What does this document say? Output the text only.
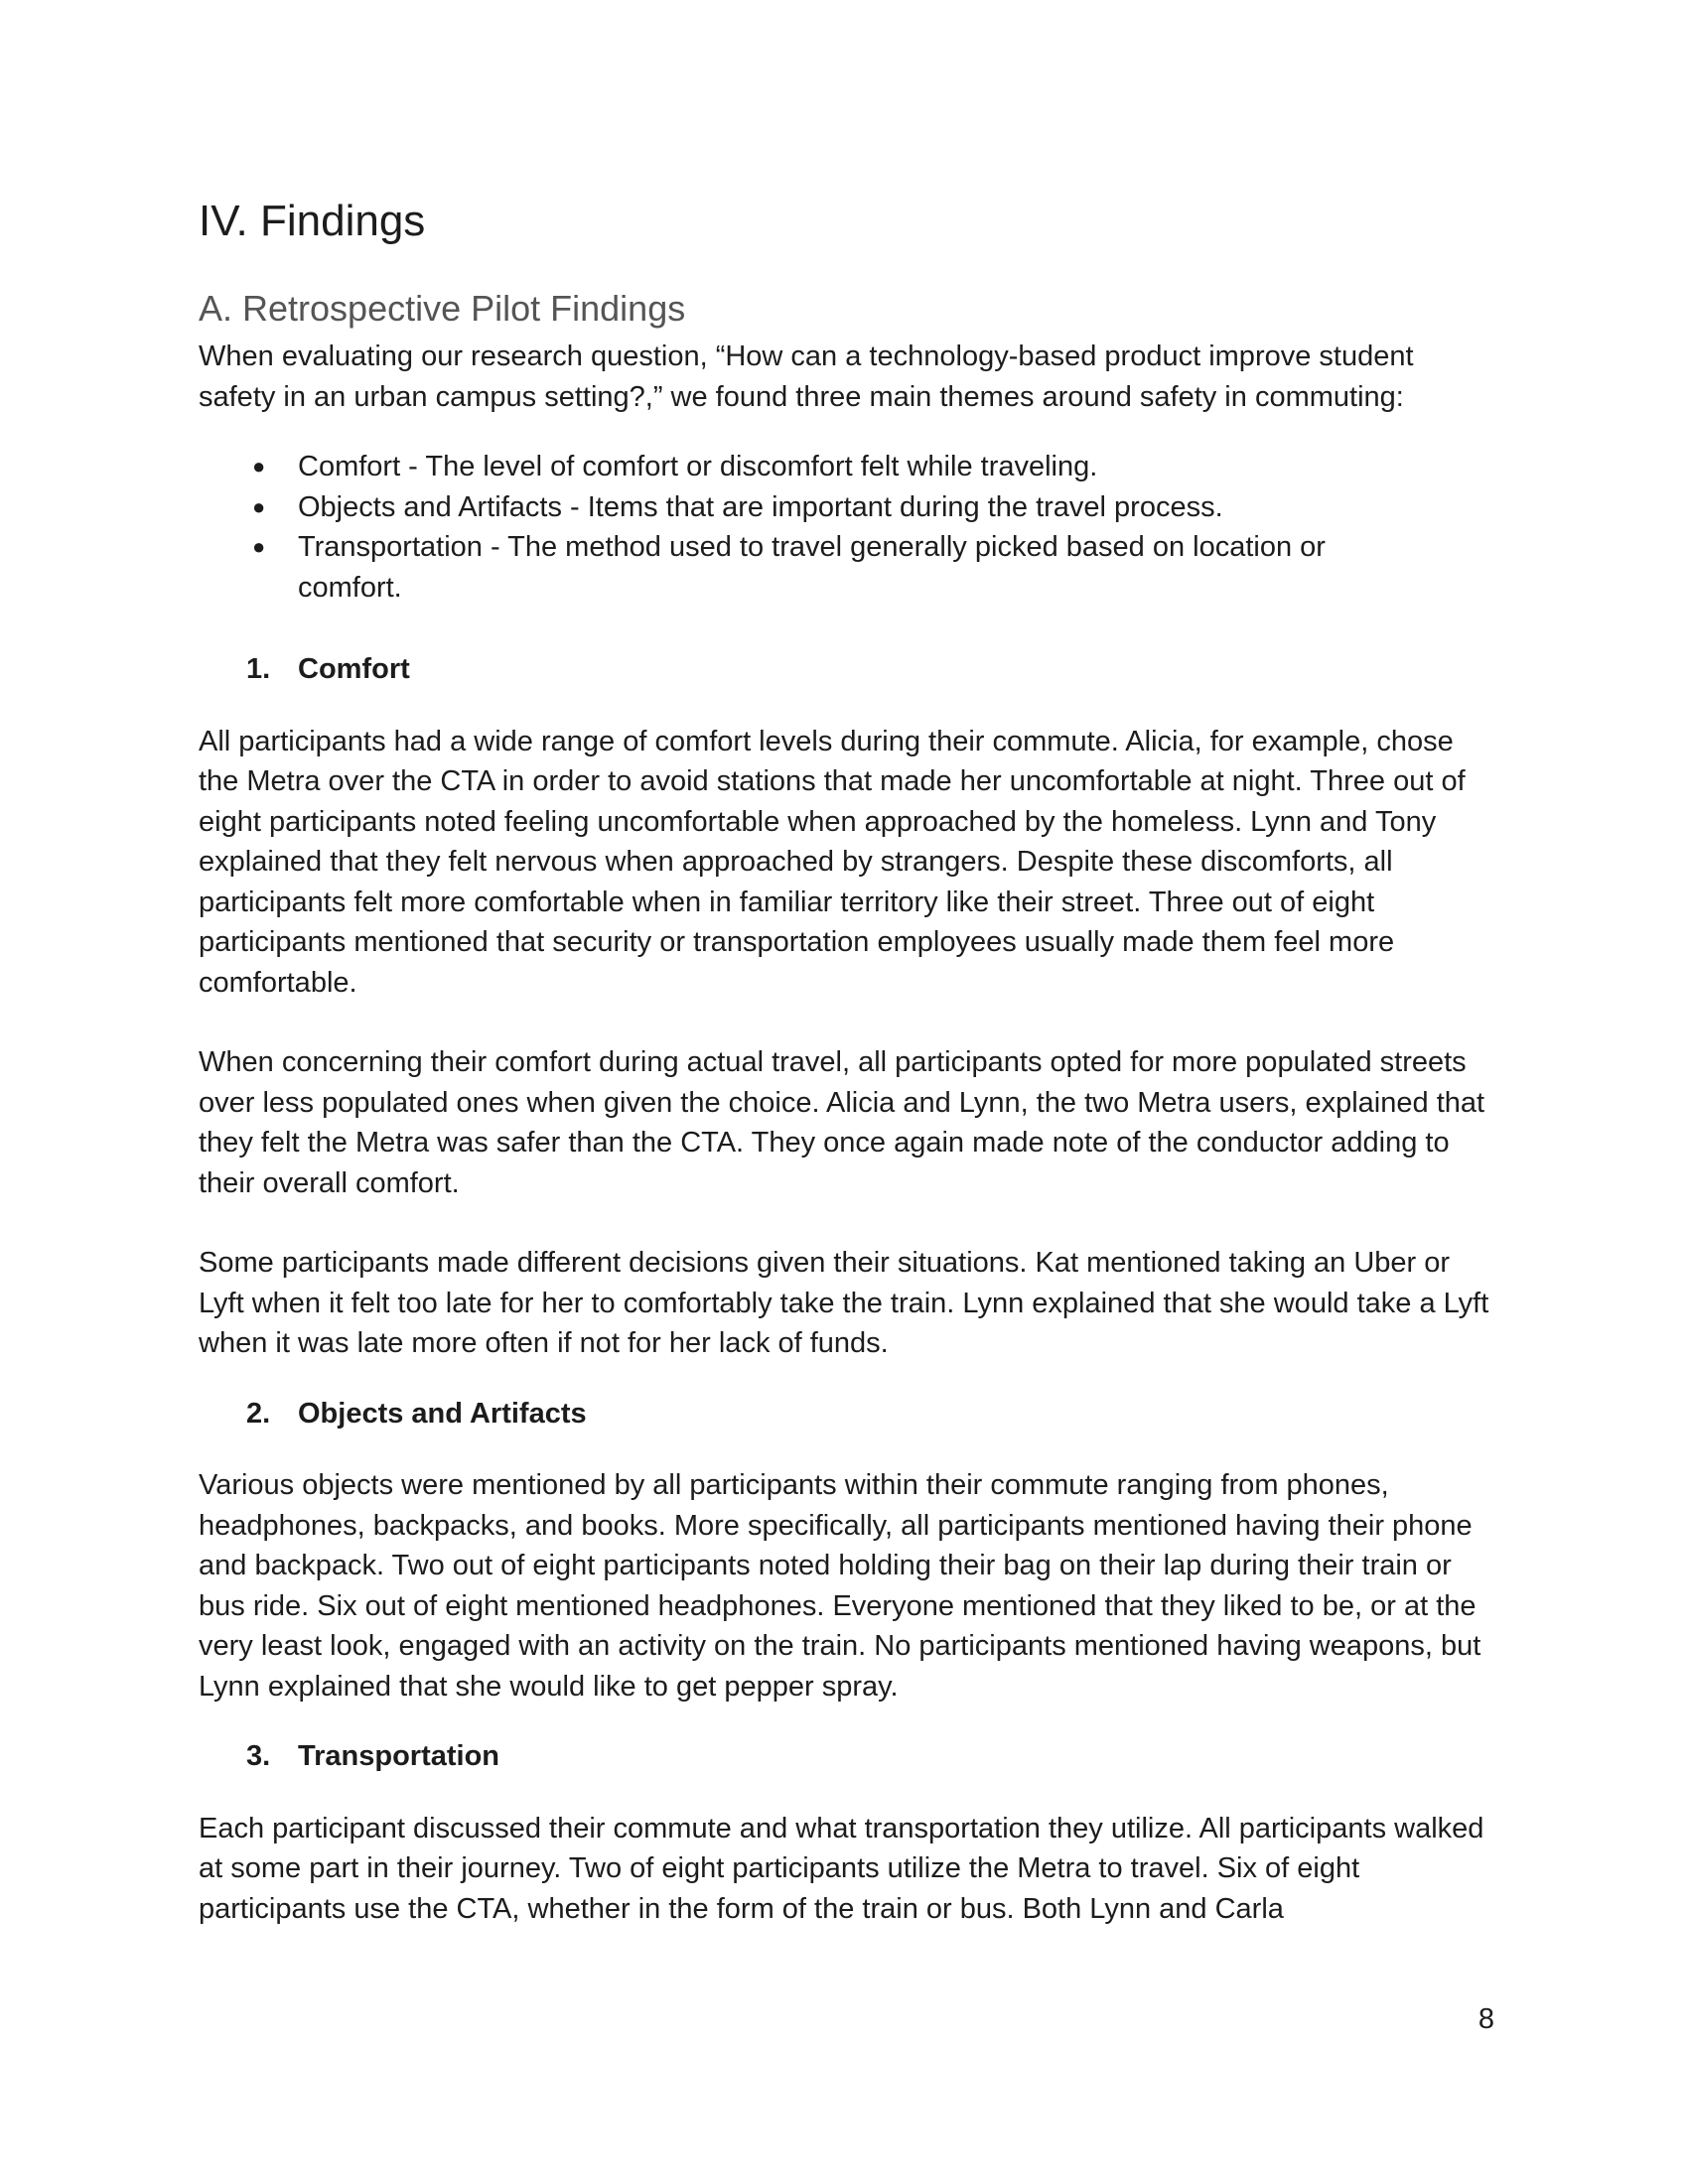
IV. Findings
A. Retrospective Pilot Findings

When evaluating our research question, “How can a technology-based product improve student safety in an urban campus setting?,” we found three main themes around safety in commuting:

● Comfort - The level of comfort or discomfort felt while traveling.
● Objects and Artifacts - Items that are important during the travel process.
● Transportation - The method used to travel generally picked based on location or comfort.
1. Comfort

All participants had a wide range of comfort levels during their commute. Alicia, for example, chose the Metra over the CTA in order to avoid stations that made her uncomfortable at night. Three out of eight participants noted feeling uncomfortable when approached by the homeless. Lynn and Tony explained that they felt nervous when approached by strangers. Despite these discomforts, all participants felt more comfortable when in familiar territory like their street. Three out of eight participants mentioned that security or transportation employees usually made them feel more comfortable.

When concerning their comfort during actual travel, all participants opted for more populated streets over less populated ones when given the choice. Alicia and Lynn, the two Metra users, explained that they felt the Metra was safer than the CTA. They once again made note of the conductor adding to their overall comfort.

Some participants made different decisions given their situations. Kat mentioned taking an Uber or Lyft when it felt too late for her to comfortably take the train. Lynn explained that she would take a Lyft when it was late more often if not for her lack of funds.

2. Objects and Artifacts

Various objects were mentioned by all participants within their commute ranging from phones, headphones, backpacks, and books. More specifically, all participants mentioned having their phone and backpack. Two out of eight participants noted holding their bag on their lap during their train or bus ride. Six out of eight mentioned headphones. Everyone mentioned that they liked to be, or at the very least look, engaged with an activity on the train. No participants mentioned having weapons, but Lynn explained that she would like to get pepper spray.

3. Transportation

Each participant discussed their commute and what transportation they utilize. All participants walked at some part in their journey. Two of eight participants utilize the Metra to travel. Six of eight participants use the CTA, whether in the form of the train or bus. Both Lynn and Carla

8
